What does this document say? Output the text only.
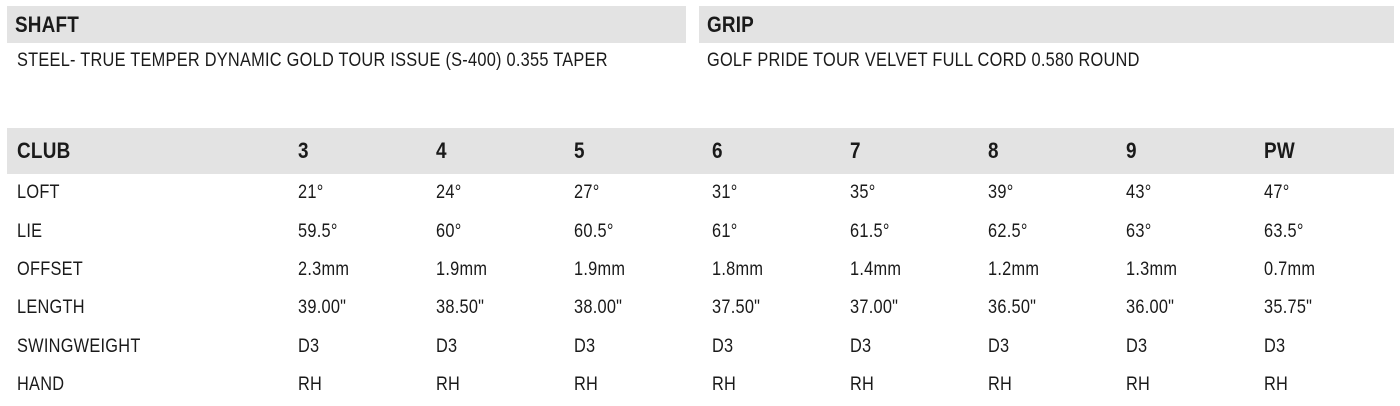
SHAFT
STEEL- TRUE TEMPER DYNAMIC GOLD TOUR ISSUE (S-400) 0.355 TAPER
GRIP
GOLF PRIDE TOUR VELVET FULL CORD 0.580 ROUND
CLUB	3	4	5	6	7	8	9	PW
LOFT	21°	24°	27°	31°	35°	39°	43°	47°
LIE	59.5°	60°	60.5°	61°	61.5°	62.5°	63°	63.5°
OFFSET	2.3mm	1.9mm	1.9mm	1.8mm	1.4mm	1.2mm	1.3mm	0.7mm
LENGTH	39.00"	38.50"	38.00"	37.50"	37.00"	36.50"	36.00"	35.75"
SWINGWEIGHT	D3	D3	D3	D3	D3	D3	D3	D3
HAND	RH	RH	RH	RH	RH	RH	RH	RH
